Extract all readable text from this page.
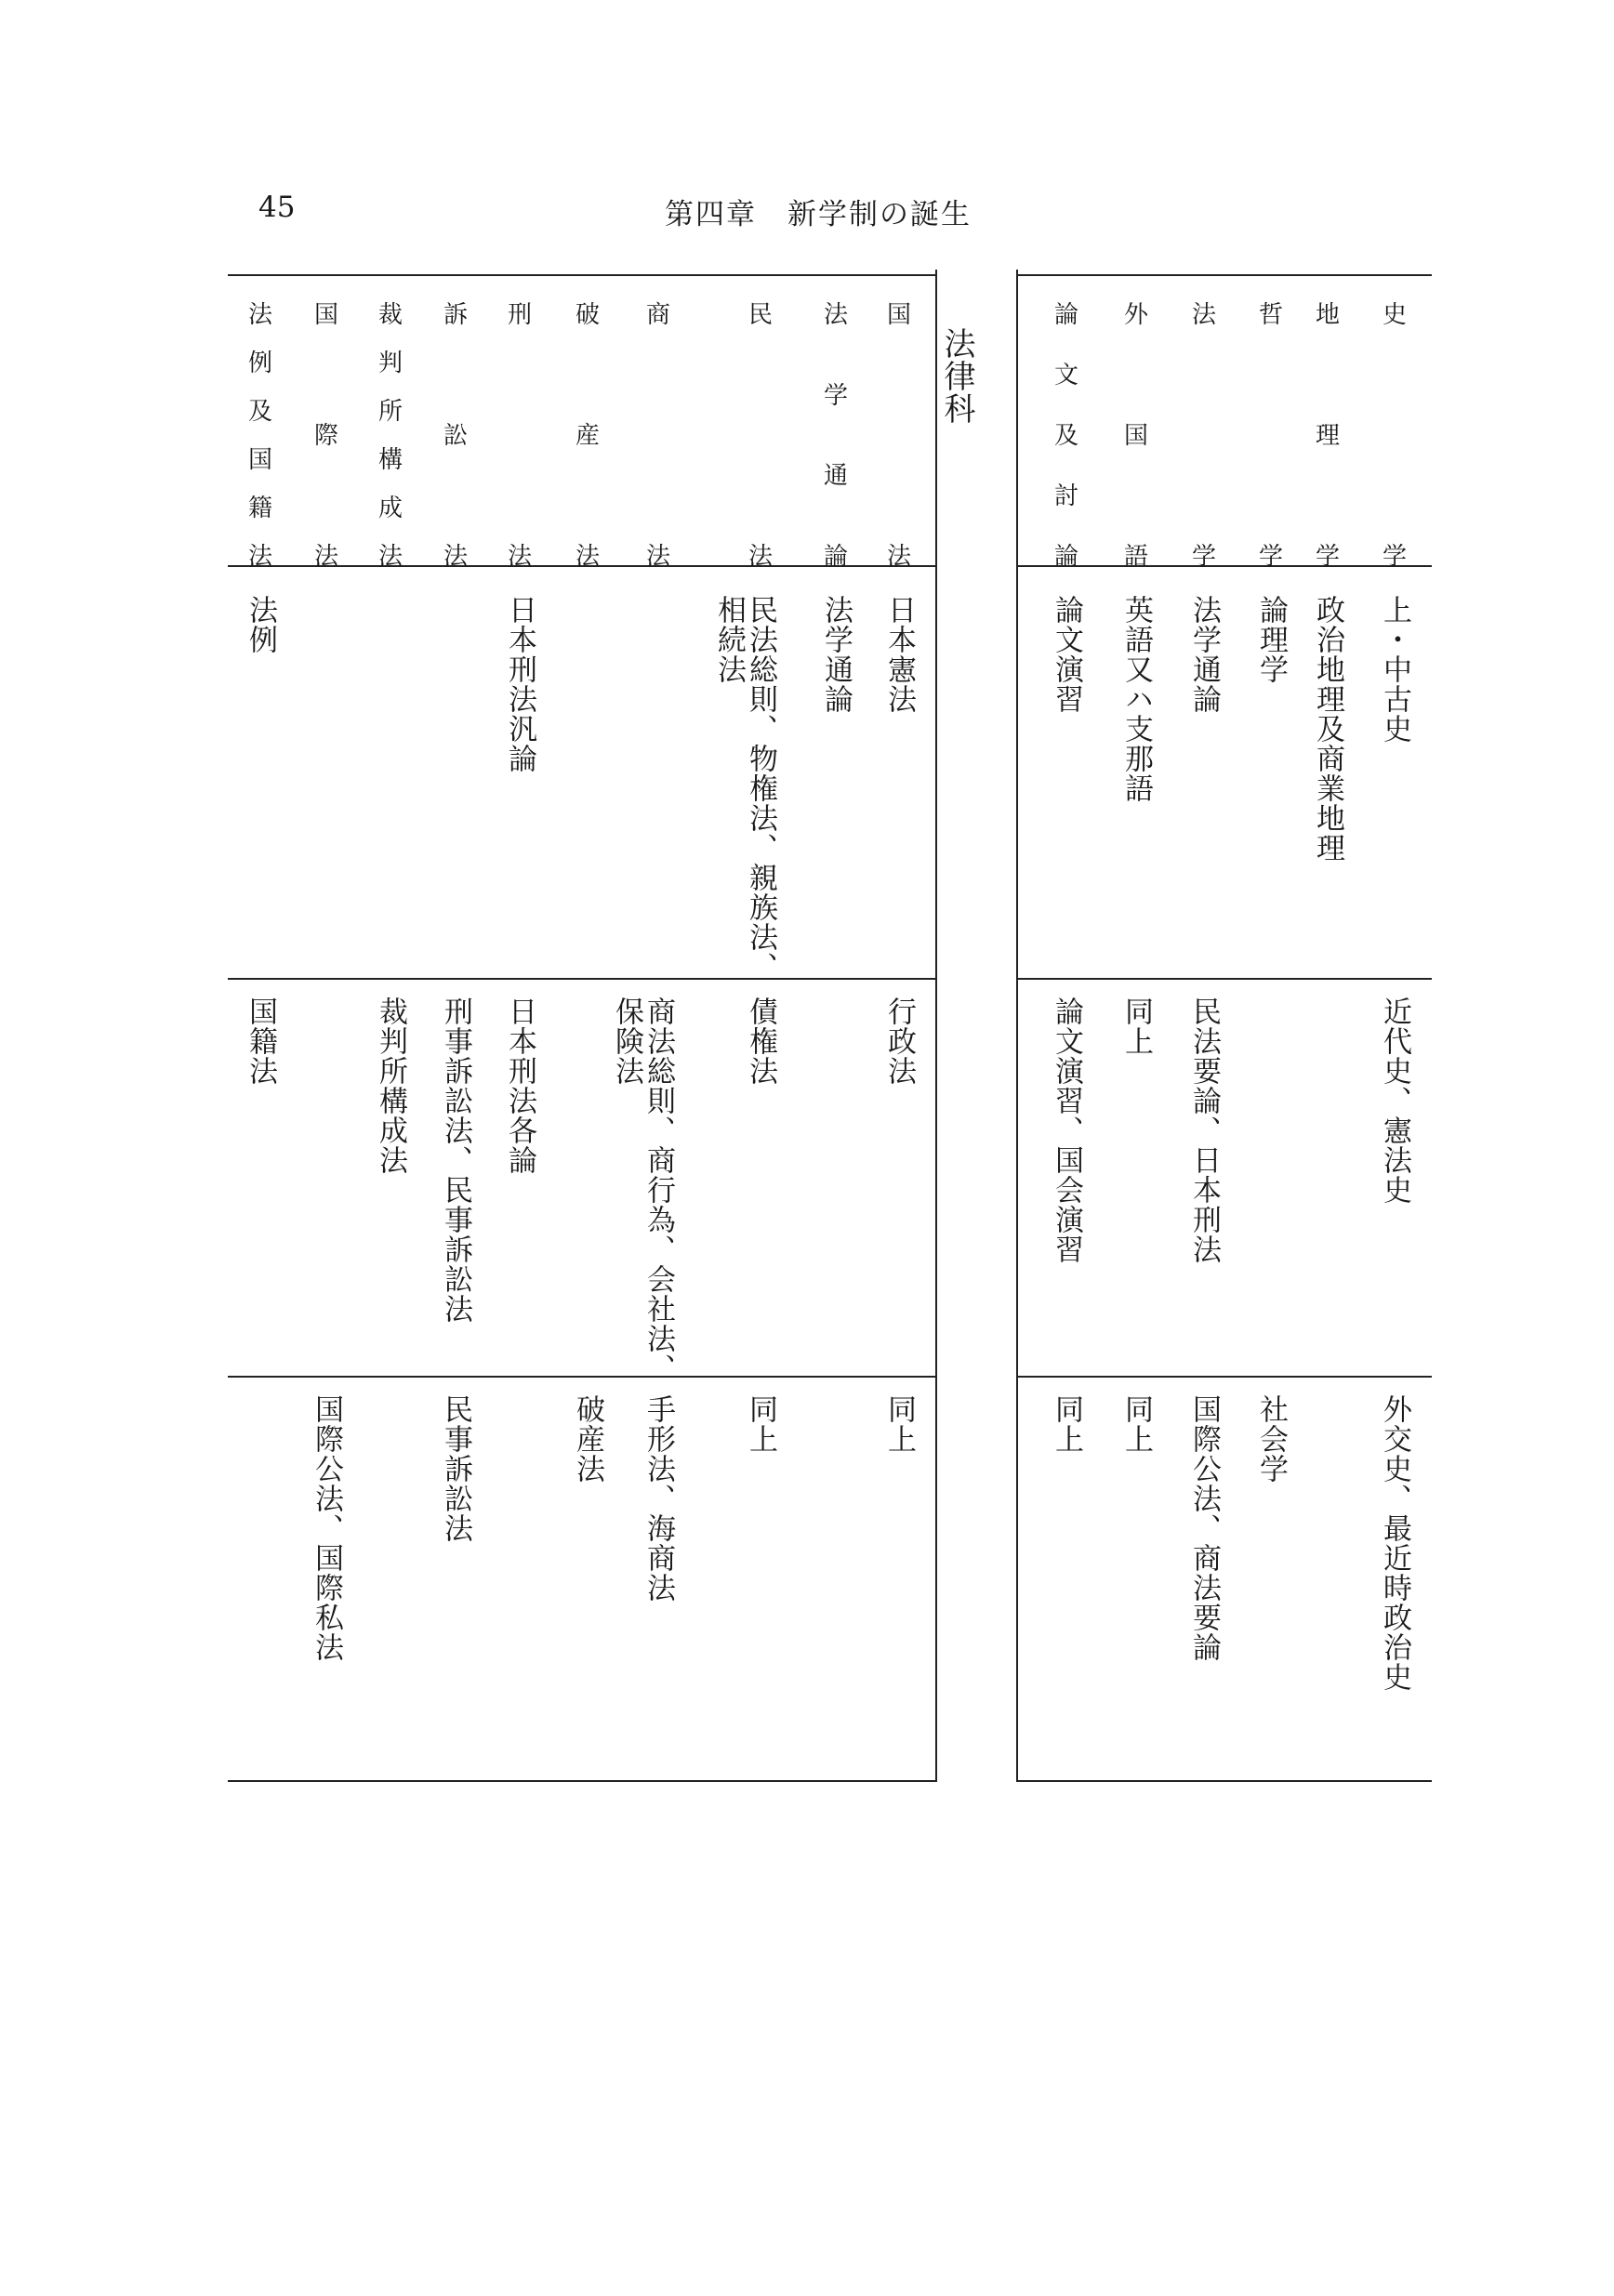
45	第四章　新学制の誕生
法律科
国
法
日本憲法
行政法
同上
法
学
通
論
法学通論
民
法
民法総則、物権法、親族法、
相続法
債権法
同上
商
法
商法総則、商行為、会社法、
保険法
手形法、海商法
破
産
法
破産法
刑
法
日本刑法汎論
日本刑法各論
訴
訟
法
刑事訴訟法、民事訴訟法
民事訴訟法
裁
判
所
構
成
法
裁判所構成法
国
際
法
国際公法、国際私法
法
例
及
国
籍
法
法例
国籍法
史
学
上・中古史
近代史、憲法史
外交史、最近時政治史
地
理
学
政治地理及商業地理
哲
学
論理学
社会学
法
学
法学通論
民法要論、日本刑法
国際公法、商法要論
外
国
語
英語又ハ支那語
同上
同上
論
文
及
討
論
論文演習
論文演習、国会演習
同上
